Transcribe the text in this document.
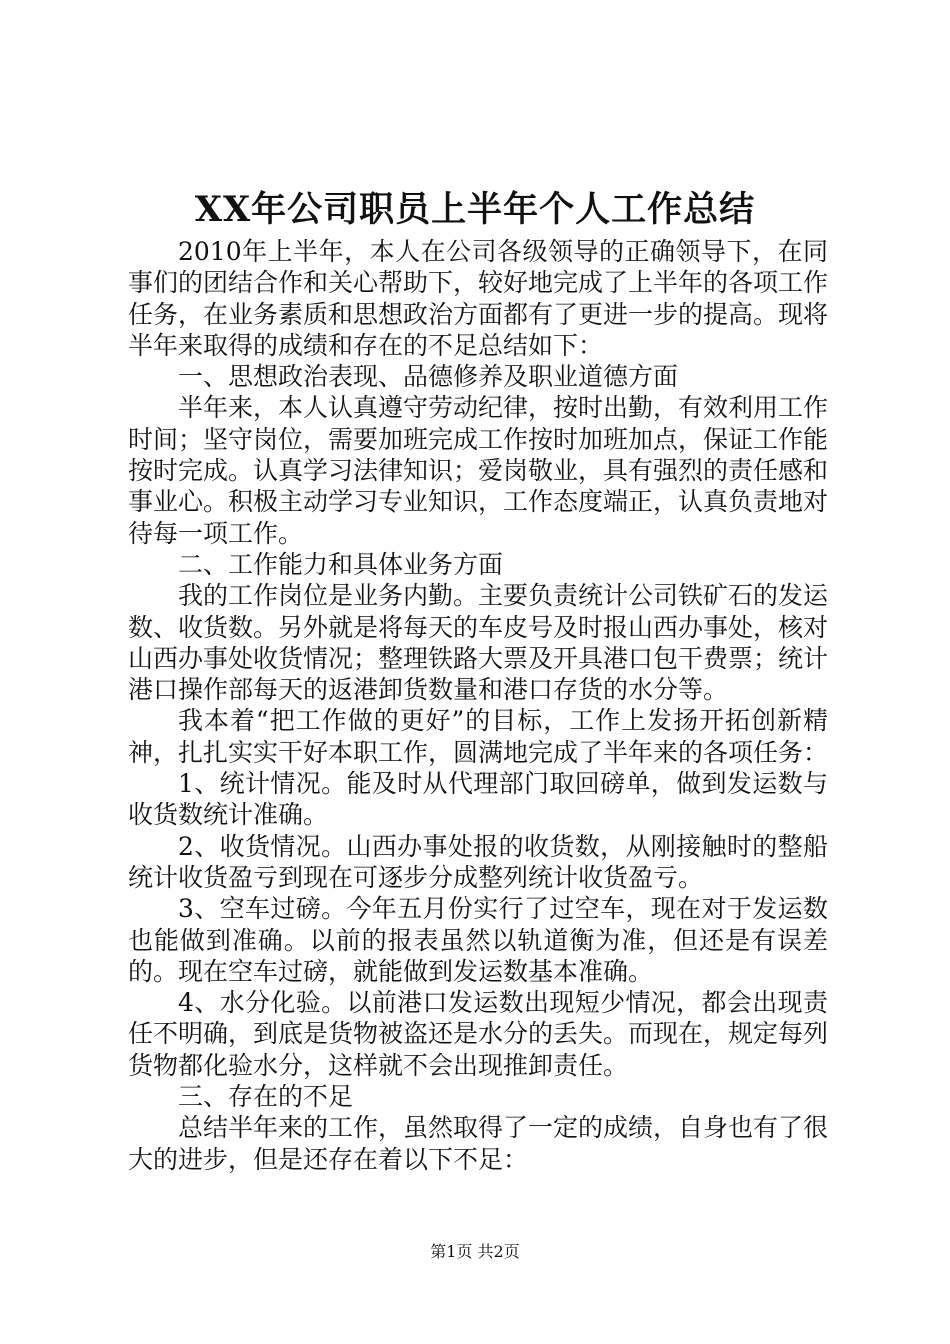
XX年公司职员上半年个人工作总结

2010年上半年，本人在公司各级领导的正确领导下，在同事们的团结合作和关心帮助下，较好地完成了上半年的各项工作任务，在业务素质和思想政治方面都有了更进一步的提高。现将半年来取得的成绩和存在的不足总结如下：

一、思想政治表现、品德修养及职业道德方面

半年来，本人认真遵守劳动纪律，按时出勤，有效利用工作时间；坚守岗位，需要加班完成工作按时加班加点，保证工作能按时完成。认真学习法律知识；爱岗敬业，具有强烈的责任感和事业心。积极主动学习专业知识，工作态度端正，认真负责地对待每一项工作。

二、工作能力和具体业务方面

我的工作岗位是业务内勤。主要负责统计公司铁矿石的发运数、收货数。另外就是将每天的车皮号及时报山西办事处，核对山西办事处收货情况；整理铁路大票及开具港口包干费票；统计港口操作部每天的返港卸货数量和港口存货的水分等。

我本着“把工作做的更好”的目标，工作上发扬开拓创新精神，扎扎实实干好本职工作，圆满地完成了半年来的各项任务：

1、统计情况。能及时从代理部门取回磅单，做到发运数与收货数统计准确。

2、收货情况。山西办事处报的收货数，从刚接触时的整船统计收货盈亏到现在可逐步分成整列统计收货盈亏。

3、空车过磅。今年五月份实行了过空车，现在对于发运数也能做到准确。以前的报表虽然以轨道衡为准，但还是有误差的。现在空车过磅，就能做到发运数基本准确。

4、水分化验。以前港口发运数出现短少情况，都会出现责任不明确，到底是货物被盗还是水分的丢失。而现在，规定每列货物都化验水分，这样就不会出现推卸责任。

三、存在的不足

总结半年来的工作，虽然取得了一定的成绩，自身也有了很大的进步，但是还存在着以下不足：

第1页 共2页
